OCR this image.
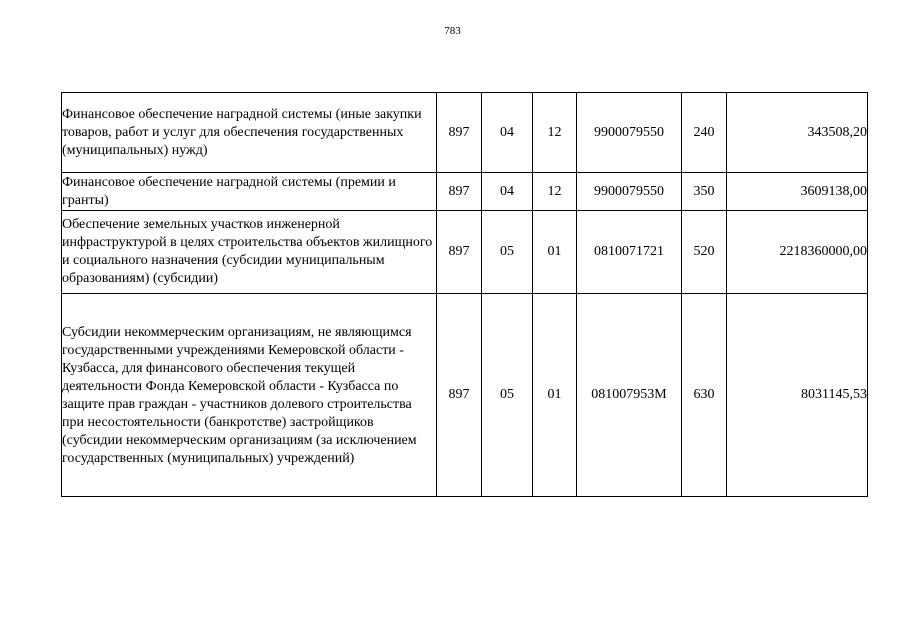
783
Финансовое обеспечение наградной системы (иные закупки товаров, работ и услуг для обеспечения государственных (муниципальных) нужд)	897	04	12	9900079550	240	343508,20
Финансовое обеспечение наградной системы (премии и гранты)	897	04	12	9900079550	350	3609138,00
Обеспечение земельных участков инженерной инфраструктурой в целях строительства объектов жилищного и социального назначения (субсидии муниципальным образованиям) (субсидии)	897	05	01	0810071721	520	2218360000,00
Субсидии некоммерческим организациям, не являющимся государственными учреждениями Кемеровской области - Кузбасса, для финансового обеспечения текущей деятельности Фонда Кемеровской области - Кузбасса по защите прав граждан - участников долевого строительства при несостоятельности (банкротстве) застройщиков (субсидии некоммерческим организациям (за исключением государственных (муниципальных) учреждений)	897	05	01	081007953М	630	8031145,53
